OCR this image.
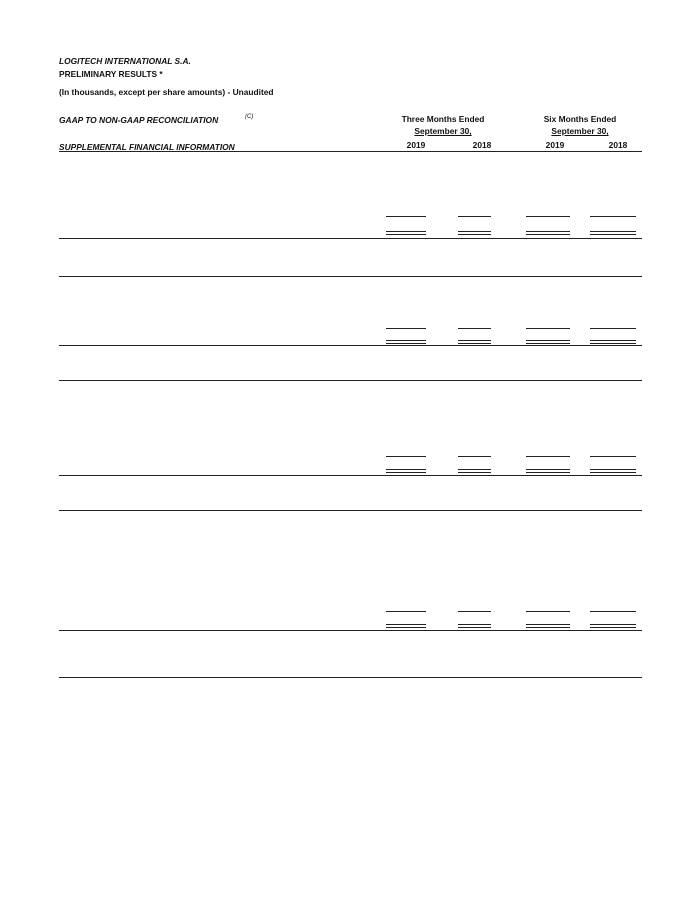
LOGITECH INTERNATIONAL S.A.
PRELIMINARY RESULTS *
(In thousands, except per share amounts) - Unaudited
GAAP TO NON-GAAP RECONCILIATION	(C)
SUPPLEMENTAL FINANCIAL INFORMATION
Three Months Ended
September 30,
Six Months Ended
September 30,
2019	2018	2019	2018
